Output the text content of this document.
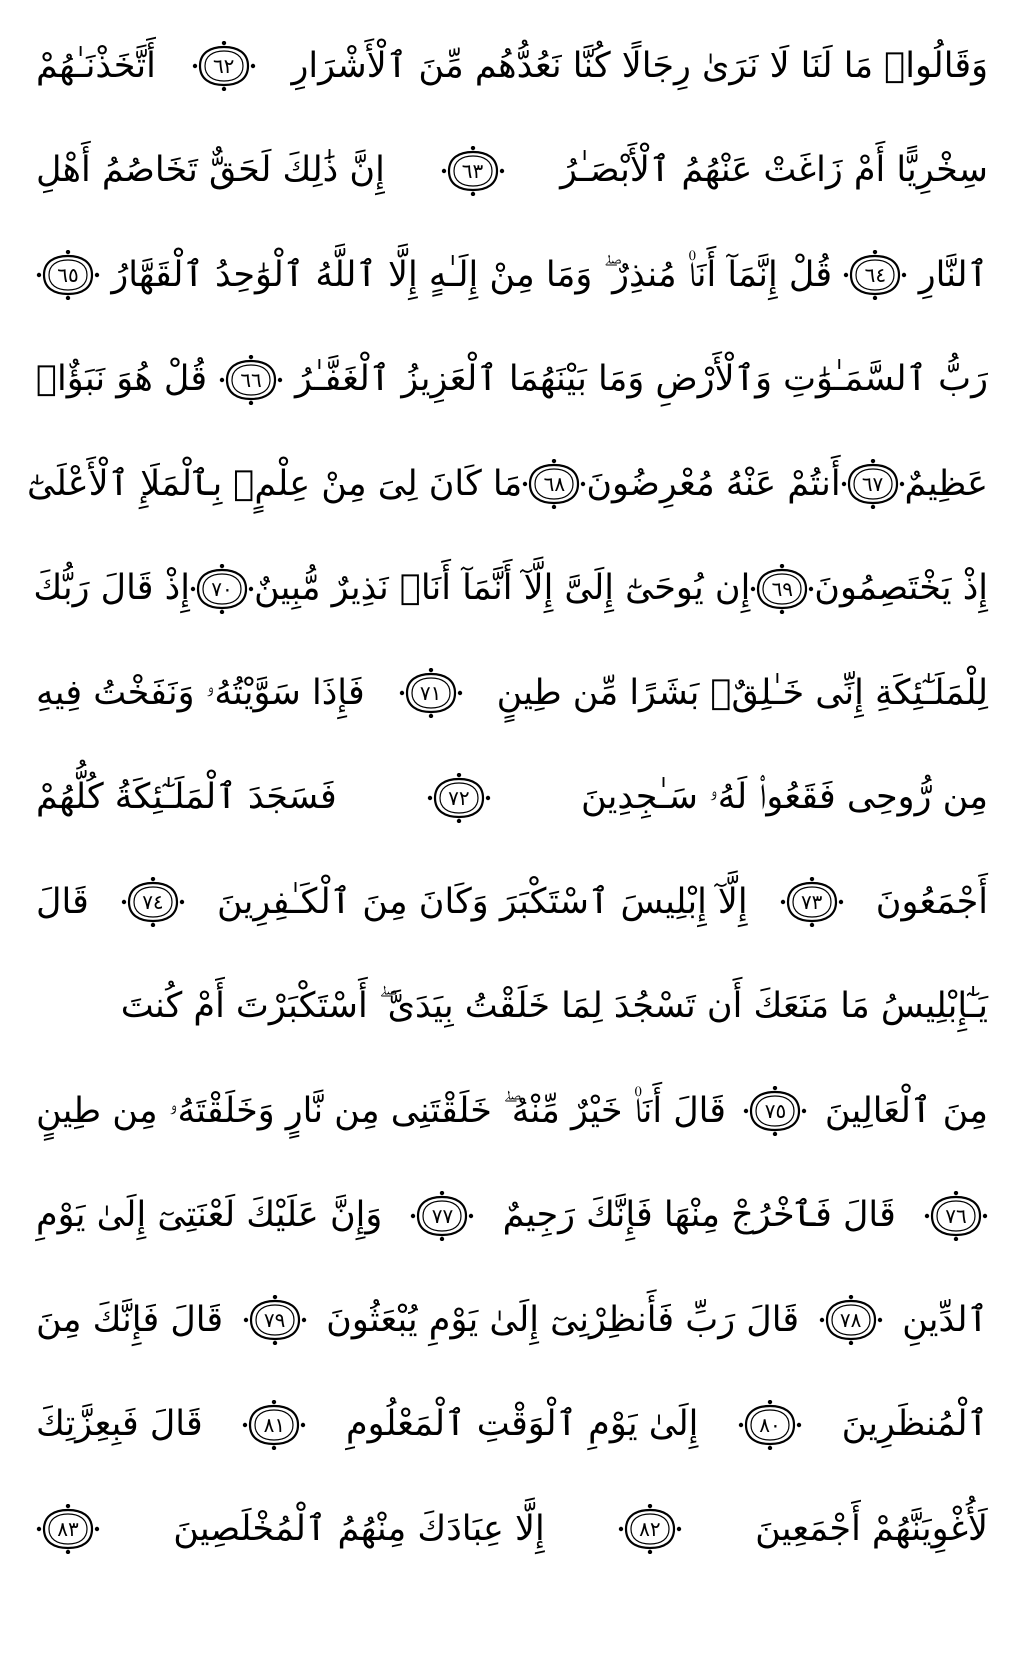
وَقَالُوا۟ مَا لَنَا لَا نَرَىٰ رِجَالًا كُنَّا نَعُدُّهُم مِّنَ ٱلْأَشْرَارِ
٦٢
أَتَّخَذْنَـٰهُمْ
سِخْرِيًّا أَمْ زَاغَتْ عَنْهُمُ ٱلْأَبْصَـٰرُ
٦٣
إِنَّ ذَٰلِكَ لَحَقٌّ تَخَاصُمُ أَهْلِ
ٱلنَّارِ
٦٤
قُلْ إِنَّمَآ أَنَا۠ مُنذِرٌ ۖ وَمَا مِنْ إِلَـٰهٍ إِلَّا ٱللَّهُ ٱلْوَٰحِدُ ٱلْقَهَّارُ
٦٥
رَبُّ ٱلسَّمَـٰوَٰتِ وَٱلْأَرْضِ وَمَا بَيْنَهُمَا ٱلْعَزِيزُ ٱلْغَفَّـٰرُ
٦٦
قُلْ هُوَ نَبَؤٌا۟
عَظِيمٌ
٦٧
أَنتُمْ عَنْهُ مُعْرِضُونَ
٦٨
مَا كَانَ لِىَ مِنْ عِلْمٍۭ بِٱلْمَلَإِ ٱلْأَعْلَىٰٓ
إِذْ يَخْتَصِمُونَ
٦٩
إِن يُوحَىٰٓ إِلَىَّ إِلَّآ أَنَّمَآ أَنَا۠ نَذِيرٌ مُّبِينٌ
٧٠
إِذْ قَالَ رَبُّكَ
لِلْمَلَـٰٓئِكَةِ إِنِّى خَـٰلِقٌۢ بَشَرًا مِّن طِينٍ
٧١
فَإِذَا سَوَّيْتُهُۥ وَنَفَخْتُ فِيهِ
مِن رُّوحِى فَقَعُوا۟ لَهُۥ سَـٰجِدِينَ
٧٢
فَسَجَدَ ٱلْمَلَـٰٓئِكَةُ كُلُّهُمْ
أَجْمَعُونَ
٧٣
إِلَّآ إِبْلِيسَ ٱسْتَكْبَرَ وَكَانَ مِنَ ٱلْكَـٰفِرِينَ
٧٤
قَالَ
يَـٰٓإِبْلِيسُ مَا مَنَعَكَ أَن تَسْجُدَ لِمَا خَلَقْتُ بِيَدَىَّ ۖ أَسْتَكْبَرْتَ أَمْ كُنتَ
مِنَ ٱلْعَالِينَ
٧٥
قَالَ أَنَا۠ خَيْرٌ مِّنْهُ ۖ خَلَقْتَنِى مِن نَّارٍ وَخَلَقْتَهُۥ مِن طِينٍ
٧٦
قَالَ فَٱخْرُجْ مِنْهَا فَإِنَّكَ رَجِيمٌ
٧٧
وَإِنَّ عَلَيْكَ لَعْنَتِىٓ إِلَىٰ يَوْمِ
ٱلدِّينِ
٧٨
قَالَ رَبِّ فَأَنظِرْنِىٓ إِلَىٰ يَوْمِ يُبْعَثُونَ
٧٩
قَالَ فَإِنَّكَ مِنَ
ٱلْمُنظَرِينَ
٨٠
إِلَىٰ يَوْمِ ٱلْوَقْتِ ٱلْمَعْلُومِ
٨١
قَالَ فَبِعِزَّتِكَ
لَأُغْوِيَنَّهُمْ أَجْمَعِينَ
٨٢
إِلَّا عِبَادَكَ مِنْهُمُ ٱلْمُخْلَصِينَ
٨٣
